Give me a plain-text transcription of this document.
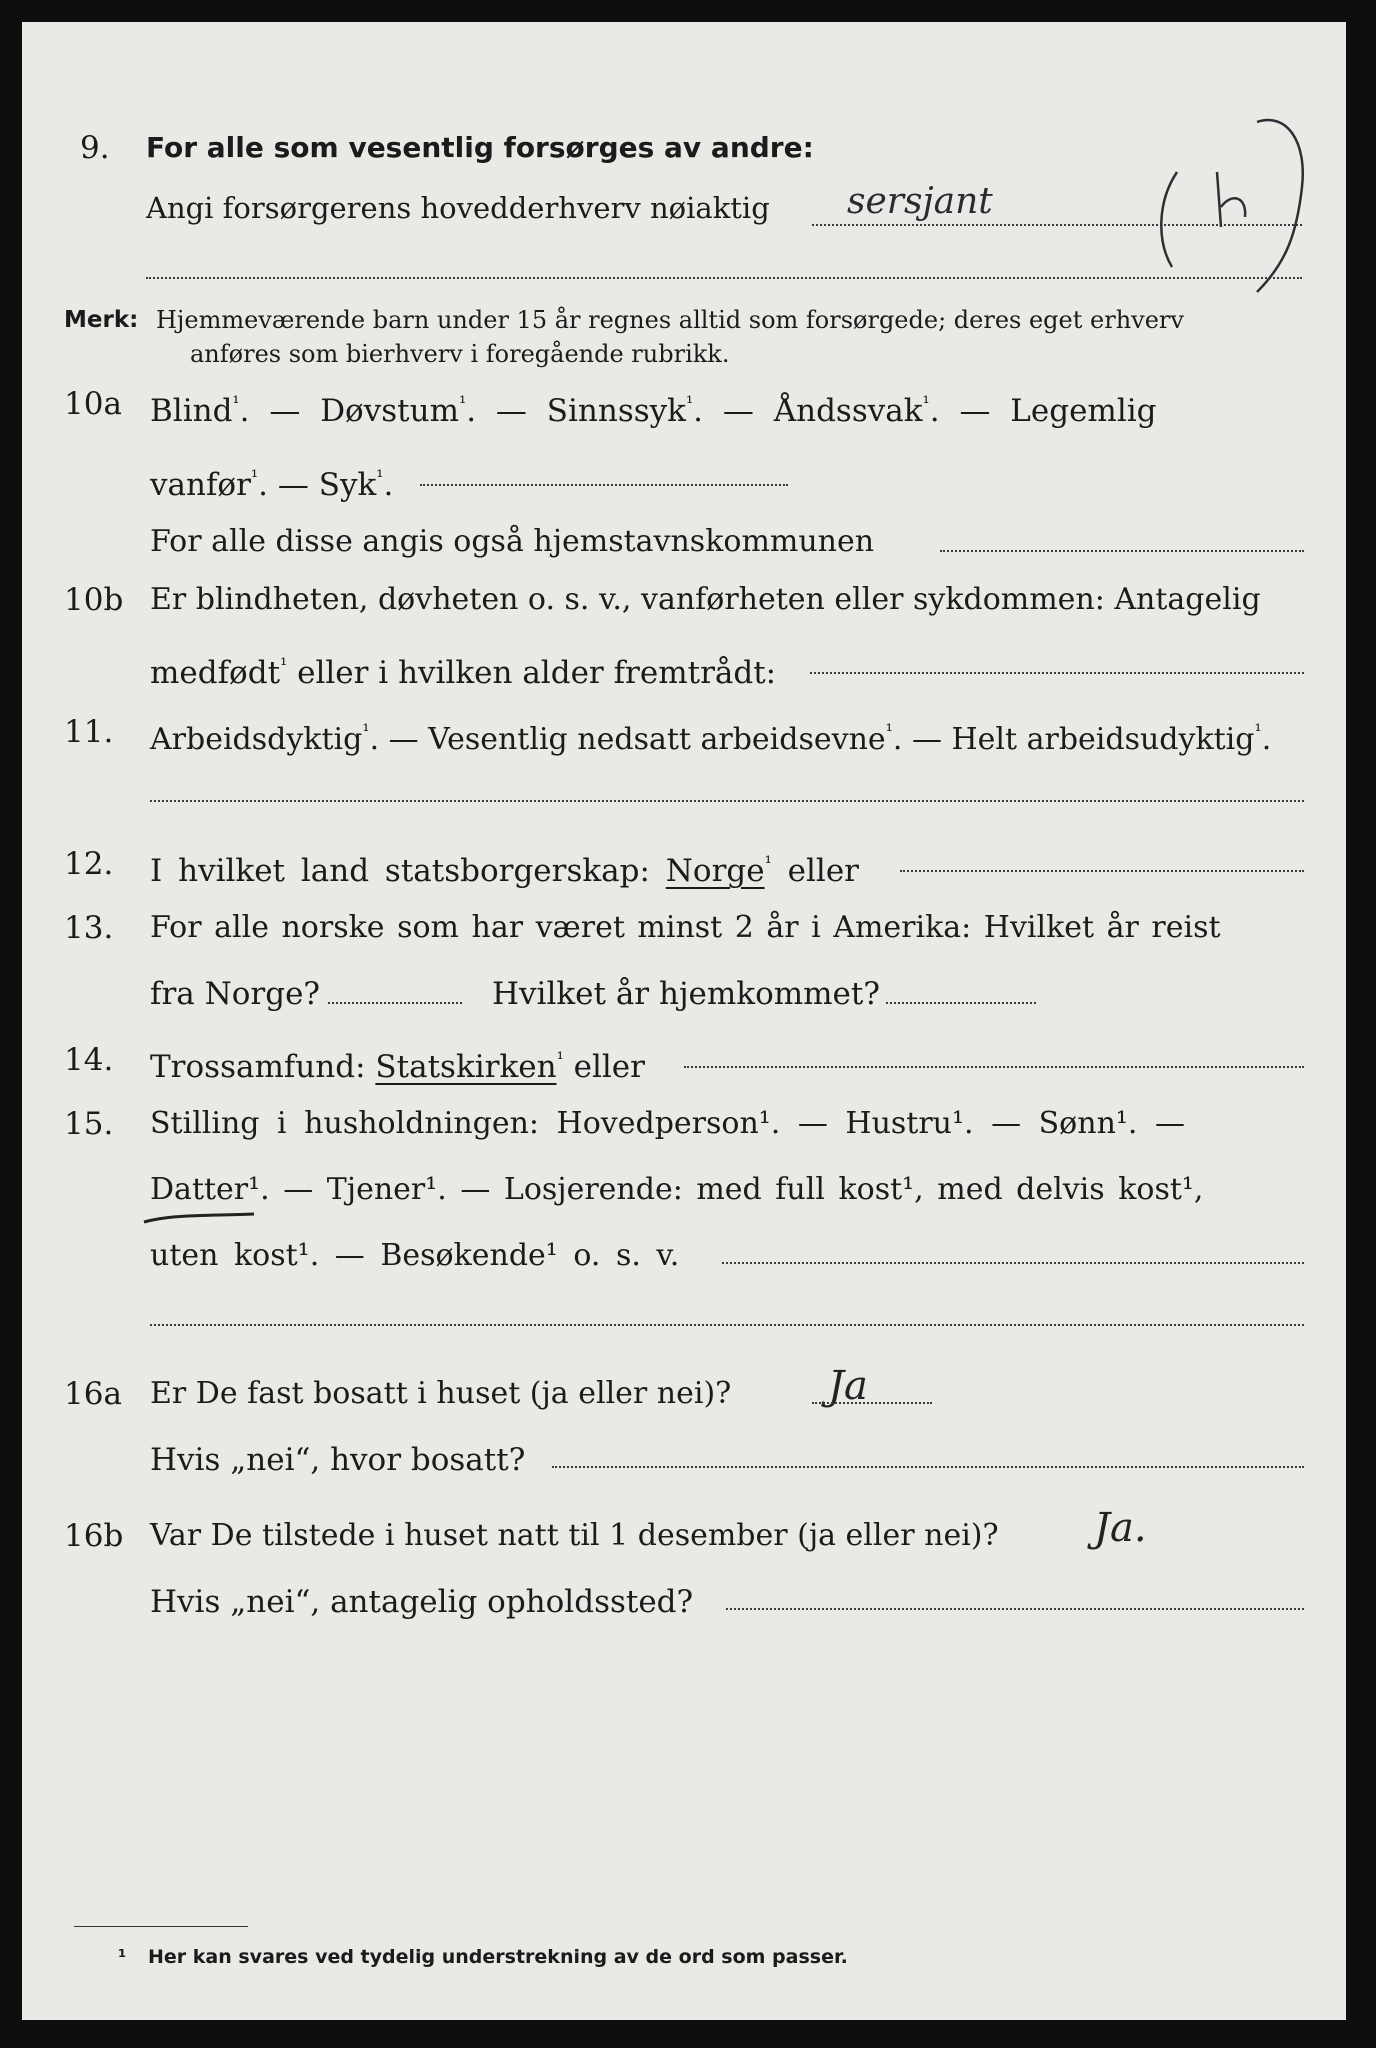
9. For alle som vesentlig forsørges av andre:
Angi forsørgerens hovedderhverv nøiaktig sersjant
Merk: Hjemmeværende barn under 15 år regnes alltid som forsørgede; deres eget erhverv
anføres som bierhverv i foregående rubrikk.
10a Blind$^{^1}$. — Døvstum$^{^1}$. — Sinnssyk$^{^1}$. — Åndssvak$^{^1}$. — Legemlig
vanfør$^{^1}$. — Syk$^{^1}$.
For alle disse angis også hjemstavnskommunen
10b Er blindheten, døvheten o. s. v., vanførheten eller sykdommen: Antagelig
medfødt$^{^1}$ eller i hvilken alder fremtrådt:
11. Arbeidsdyktig$^{^1}$. — Vesentlig nedsatt arbeidsevne$^{^1}$. — Helt arbeidsudyktig$^{^1}$.
12. I hvilket land statsborgerskap: Norge$^{^1}$ eller
13. For alle norske som har været minst 2 år i Amerika: Hvilket år reist
fra Norge?	Hvilket år hjemkommet?
14. Trossamfund: Statskirken$^{^1}$ eller
15. Stilling i husholdningen: Hovedperson¹. — Hustru¹. — Sønn¹. —
Datter¹. — Tjener¹. — Losjerende: med full kost¹, med delvis kost¹,
uten kost¹. — Besøkende¹ o. s. v.
16a Er De fast bosatt i huset (ja eller nei)? Ja
Hvis „nei“, hvor bosatt?
16b Var De tilstede i huset natt til 1 desember (ja eller nei)? Ja.
Hvis „nei“, antagelig opholdssted?
¹ Her kan svares ved tydelig understrekning av de ord som passer.
